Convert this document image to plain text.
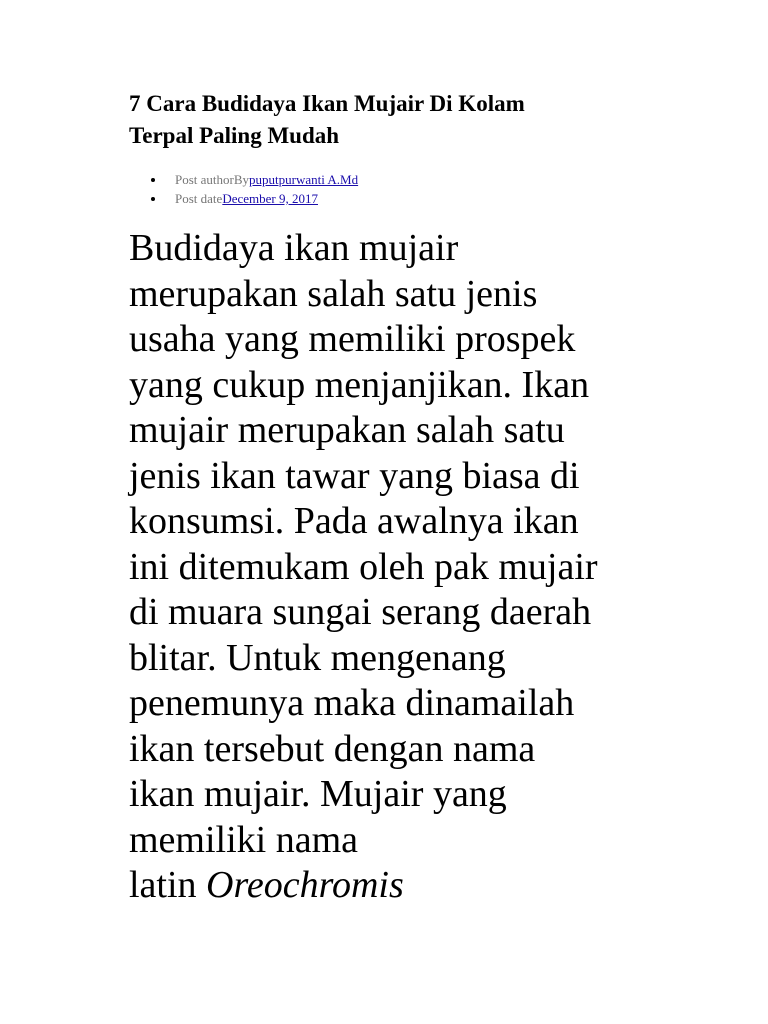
7 Cara Budidaya Ikan Mujair Di Kolam
Terpal Paling Mudah
Post authorBy puputpurwanti A.Md
Post date December 9, 2017
Budidaya ikan mujair
merupakan salah satu jenis
usaha yang memiliki prospek
yang cukup menjanjikan. Ikan
mujair merupakan salah satu
jenis ikan tawar yang biasa di
konsumsi. Pada awalnya ikan
ini ditemukam oleh pak mujair
di muara sungai serang daerah
blitar. Untuk mengenang
penemunya maka dinamailah
ikan tersebut dengan nama
ikan mujair. Mujair yang
memiliki nama
latin Oreochromis
